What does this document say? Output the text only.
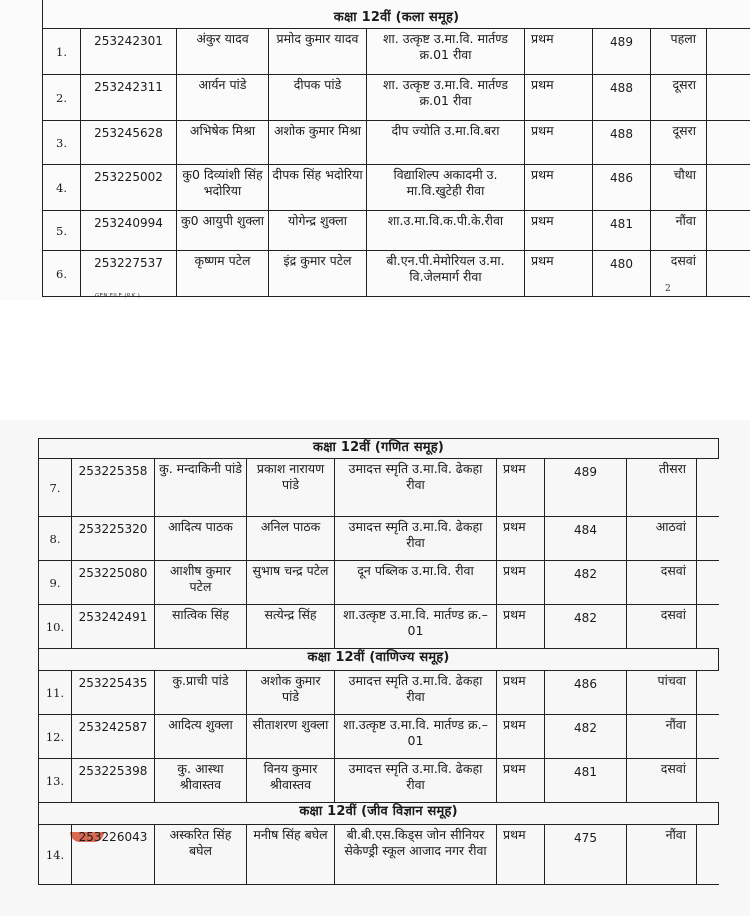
कक्षा 12वीं (कला समूह)								
1.	253242301	अंकुर यादव	प्रमोद कुमार यादव	शा. उत्कृष्ट उ.मा.वि. मार्तण्ड क्र.01 रीवा	प्रथम	489	पहला	
2.	253242311	आर्यन पांडे	दीपक पांडे	शा. उत्कृष्ट उ.मा.वि. मार्तण्ड क्र.01 रीवा	प्रथम	488	दूसरा	
3.	253245628	अभिषेक मिश्रा	अशोक कुमार मिश्रा	दीप ज्योति उ.मा.वि.बरा	प्रथम	488	दूसरा	
4.	253225002	कु0 दिव्यांशी सिंह भदोरिया	दीपक सिंह भदोरिया	विद्याशिल्प अकादमी उ. मा.वि.खुटेही रीवा	प्रथम	486	चौथा	
5.	253240994	कु0 आयुपी शुक्ला	योगेन्द्र शुक्ला	शा.उ.मा.वि.क.पी.के.रीवा	प्रथम	481	नौंवा	
6.	253227537	कृष्णम पटेल	इंद्र कुमार पटेल	बी.एन.पी.मेमोरियल उ.मा. वि.जेलमार्ग रीवा	प्रथम	480	दसवां	
GEN FILE (P.K.)
2
कक्षा 12वीं (गणित समूह)								
7.	253225358	कु. मन्दाकिनी पांडे	प्रकाश नारायण पांडे	उमादत्त स्मृति उ.मा.वि. ढेकहा रीवा	प्रथम	489	तीसरा	
8.	253225320	आदित्य पाठक	अनिल पाठक	उमादत्त स्मृति उ.मा.वि. ढेकहा रीवा	प्रथम	484	आठवां	
9.	253225080	आशीष कुमार पटेल	सुभाष चन्द्र पटेल	दून पब्लिक उ.मा.वि. रीवा	प्रथम	482	दसवां	
10.	253242491	सात्विक सिंह	सत्येन्द्र सिंह	शा.उत्कृष्ट उ.मा.वि. मार्तण्ड क्र.–01	प्रथम	482	दसवां	
कक्षा 12वीं (वाणिज्य समूह)								
11.	253225435	कु.प्राची पांडे	अशोक कुमार पांडे	उमादत्त स्मृति उ.मा.वि. ढेकहा रीवा	प्रथम	486	पांचवा	
12.	253242587	आदित्य शुक्ला	सीताशरण शुक्ला	शा.उत्कृष्ट उ.मा.वि. मार्तण्ड क्र.–01	प्रथम	482	नौंवा	
13.	253225398	कु. आस्था श्रीवास्तव	विनय कुमार श्रीवास्तव	उमादत्त स्मृति उ.मा.वि. ढेकहा रीवा	प्रथम	481	दसवां	
कक्षा 12वीं (जीव विज्ञान समूह)								
14.	253226043	अस्करित सिंह बघेल	मनीष सिंह बघेल	बी.बी.एस.किड्स जोन सीनियर सेकेण्ड्री स्कूल आजाद नगर रीवा	प्रथम	475	नौंवा	
